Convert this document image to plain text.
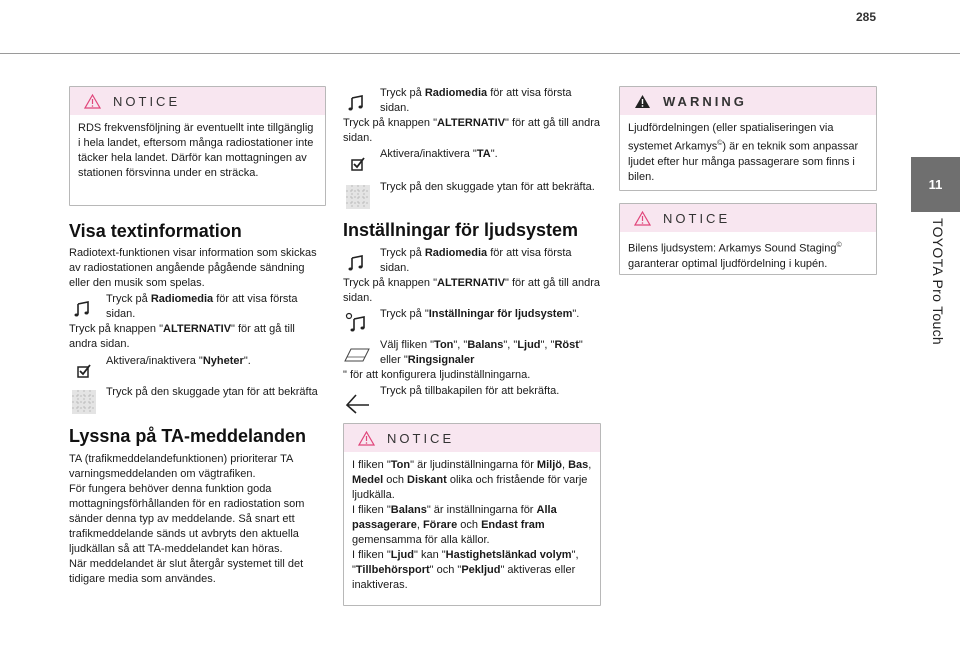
285
11
TOYOTA Pro Touch
NOTICE
RDS frekvensföljning är eventuellt inte tillgänglig i hela landet, eftersom många radiostationer inte täcker hela landet. Därför kan mottagningen av stationen försvinna under en sträcka.
Visa textinformation
Radiotext-funktionen visar information som skickas av radiostationen angående pågående sändning eller den musik som spelas.
Tryck på Radiomedia för att visa första sidan.
Tryck på knappen "ALTERNATIV" för att gå till andra sidan.
Aktivera/inaktivera "Nyheter".
Tryck på den skuggade ytan för att bekräfta
Lyssna på TA-meddelanden
TA (trafikmeddelandefunktionen) prioriterar TA varningsmeddelanden om vägtrafiken.
För fungera behöver denna funktion goda mottagningsförhållanden för en radiostation som sänder denna typ av meddelande. Så snart ett trafikmeddelande sänds ut avbryts den aktuella ljudkällan så att TA-meddelandet kan höras.
När meddelandet är slut återgår systemet till det tidigare media som användes.
Tryck på Radiomedia för att visa första sidan.
Tryck på knappen "ALTERNATIV" för att gå till andra sidan.
Aktivera/inaktivera "TA".
Tryck på den skuggade ytan för att bekräfta.
Inställningar för ljudsystem
Tryck på Radiomedia för att visa första sidan.
Tryck på knappen "ALTERNATIV" för att gå till andra sidan.
Tryck på "Inställningar för ljudsystem".
Välj fliken "Ton", "Balans", "Ljud", "Röst" eller "Ringsignaler
" för att konfigurera ljudinställningarna.
Tryck på tillbakapilen för att bekräfta.
NOTICE
I fliken "Ton" är ljudinställningarna för Miljö, Bas, Medel och Diskant olika och fristående för varje ljudkälla.
I fliken "Balans" är inställningarna för Alla passagerare, Förare och Endast fram gemensamma för alla källor.
I fliken "Ljud" kan "Hastighetslänkad volym", "Tillbehörsport" och "Pekljud" aktiveras eller inaktiveras.
WARNING
Ljudfördelningen (eller spatialiseringen via systemet Arkamys©) är en teknik som anpassar ljudet efter hur många passagerare som finns i bilen.
NOTICE
Bilens ljudsystem: Arkamys Sound Staging© garanterar optimal ljudfördelning i kupén.
